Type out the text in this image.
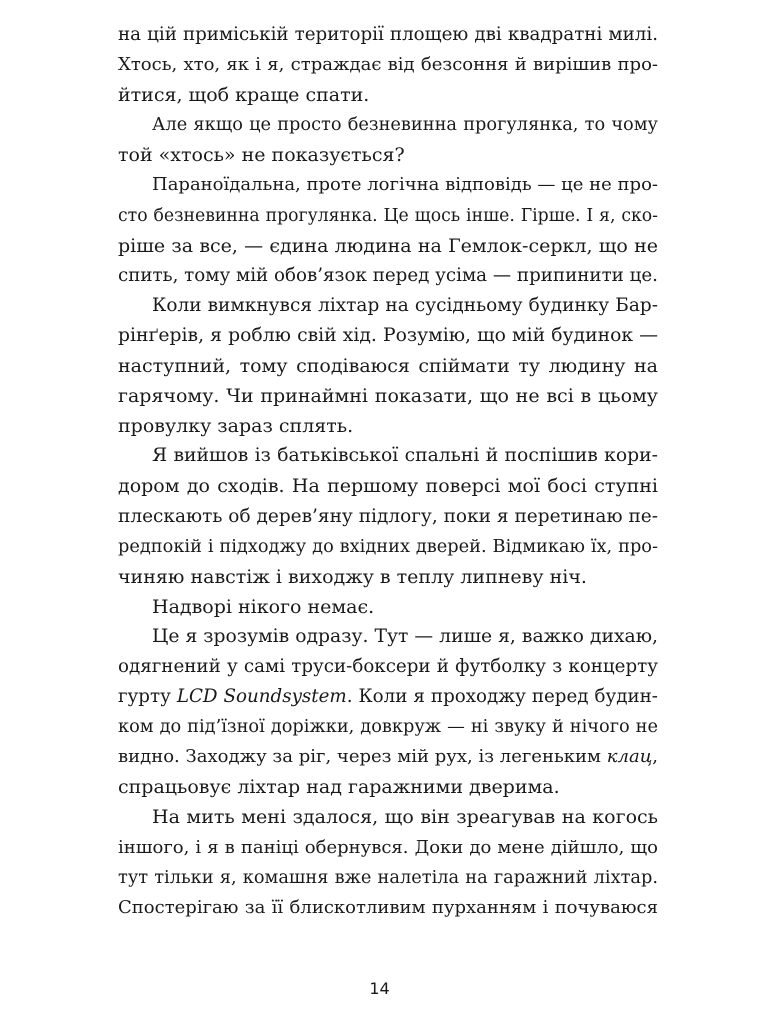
на цій приміській території площею дві квадратні милі.
Хтось, хто, як і я, страждає від безсоння й вирішив про-
йтися, щоб краще спати.
Але якщо це просто безневинна прогулянка, то чому
той «хтось» не показується?
Параноїдальна, проте логічна відповідь — це не про-
сто безневинна прогулянка. Це щось інше. Гірше. І я, ско-
ріше за все, — єдина людина на Гемлок-серкл, що не
спить, тому мій обов’язок перед усіма — припинити це.
Коли вимкнувся ліхтар на сусідньому будинку Бар-
рінґерів, я роблю свій хід. Розумію, що мій будинок —
наступний, тому сподіваюся спіймати ту людину на
гарячому. Чи принаймні показати, що не всі в цьому
провулку зараз сплять.
Я вийшов із батьківської спальні й поспішив кори-
дором до сходів. На першому поверсі мої босі ступні
плескають об дерев’яну підлогу, поки я перетинаю пе-
редпокій і підходжу до вхідних дверей. Відмикаю їх, про-
чиняю навстіж і виходжу в теплу липневу ніч.
Надворі нікого немає.
Це я зрозумів одразу. Тут — лише я, важко дихаю,
одягнений у самі труси-боксери й футболку з концерту
гурту LCD Soundsystem. Коли я проходжу перед будин-
ком до під’їзної доріжки, довкруж — ні звуку й нічого не
видно. Заходжу за ріг, через мій рух, із легеньким клац,
спрацьовує ліхтар над гаражними дверима.
На мить мені здалося, що він зреагував на когось
іншого, і я в паніці обернувся. Доки до мене дійшло, що
тут тільки я, комашня вже налетіла на гаражний ліхтар.
Спостерігаю за її блискотливим пурханням і почуваюся
14
